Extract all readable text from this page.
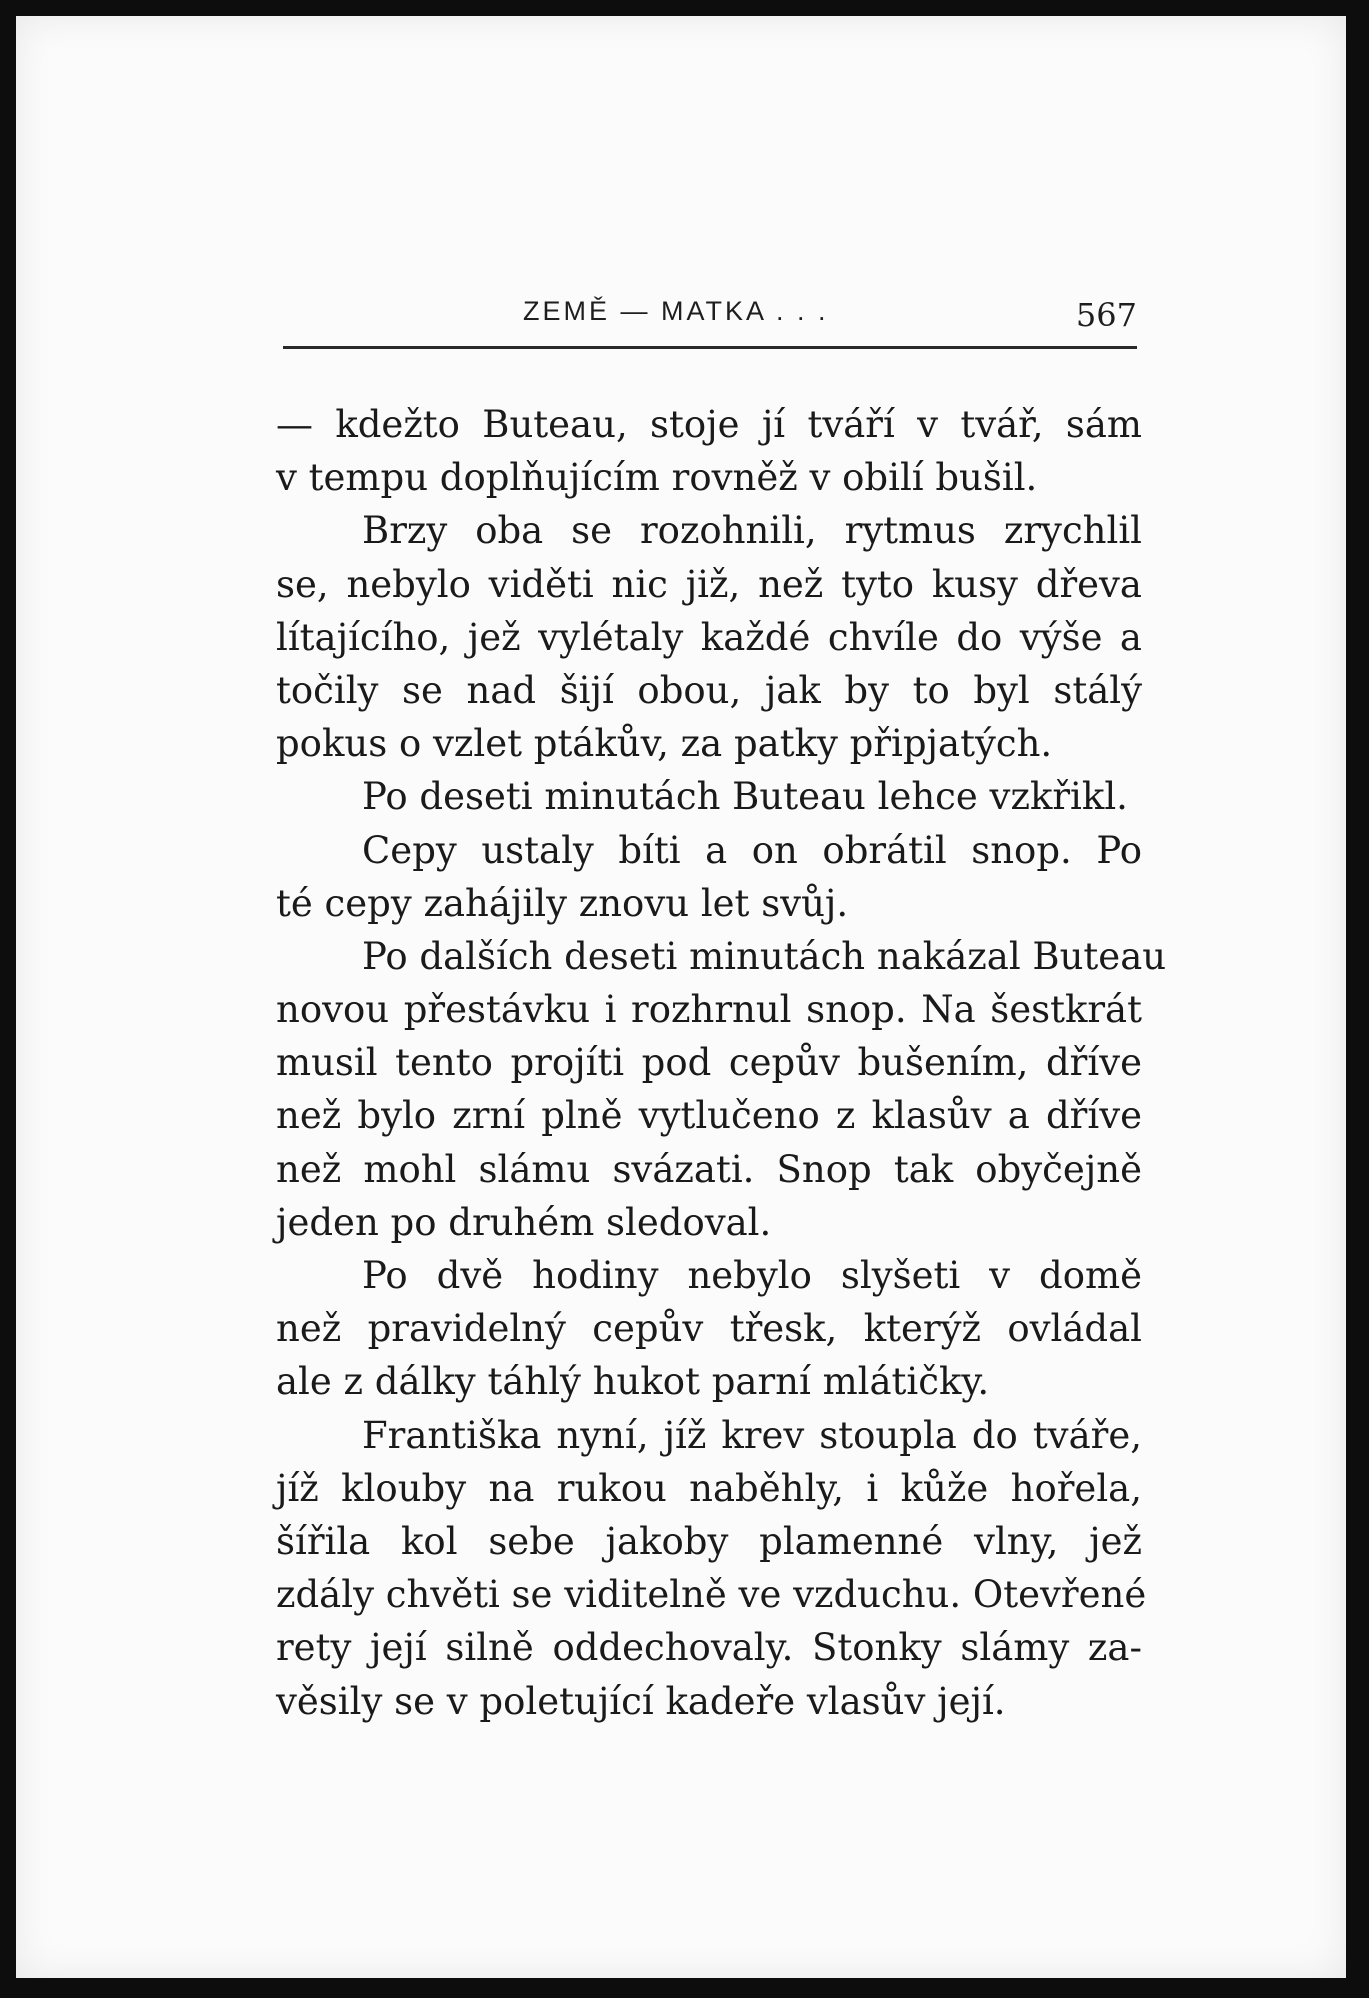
ZEMĚ — MATKA . . .	567
— kdežto Buteau, stoje jí tváří v tvář, sám
v tempu doplňujícím rovněž v obilí bušil.
Brzy oba se rozohnili, rytmus zrychlil
se, nebylo viděti nic již, než tyto kusy dřeva
lítajícího, jež vylétaly každé chvíle do výše a
točily se nad šijí obou, jak by to byl stálý
pokus o vzlet ptákův, za patky připjatých.
Po deseti minutách Buteau lehce vzkřikl.
Cepy ustaly bíti a on obrátil snop. Po
té cepy zahájily znovu let svůj.
Po dalších deseti minutách nakázal Buteau
novou přestávku i rozhrnul snop. Na šestkrát
musil tento projíti pod cepův bušením, dříve
než bylo zrní plně vytlučeno z klasův a dříve
než mohl slámu svázati. Snop tak obyčejně
jeden po druhém sledoval.
Po dvě hodiny nebylo slyšeti v domě
než pravidelný cepův třesk, kterýž ovládal
ale z dálky táhlý hukot parní mlátičky.
Františka nyní, jíž krev stoupla do tváře,
jíž klouby na rukou naběhly, i kůže hořela,
šířila kol sebe jakoby plamenné vlny, jež
zdály chvěti se viditelně ve vzduchu. Otevřené
rety její silně oddechovaly. Stonky slámy za-
věsily se v poletující kadeře vlasův její.
